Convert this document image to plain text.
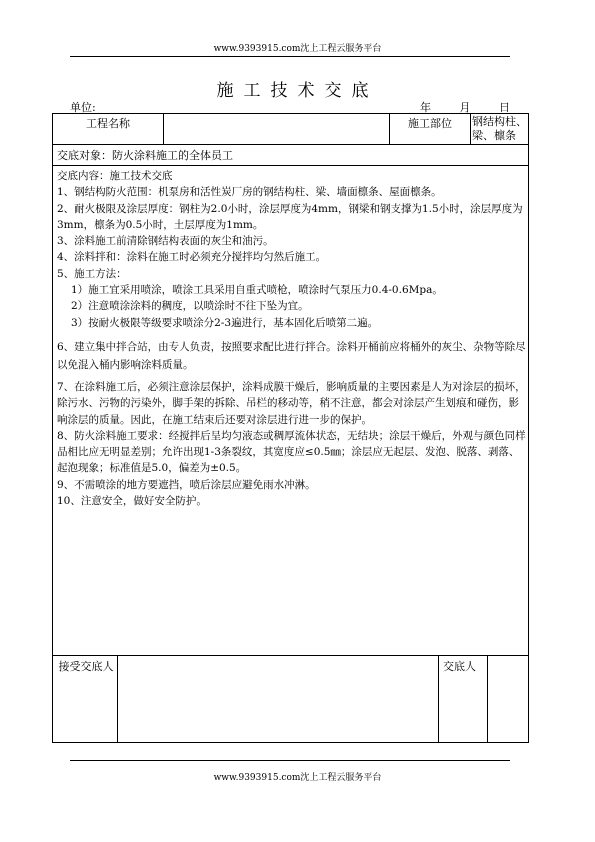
www.9393915.com沈上工程云服务平台
施工技术交底
单位:	年	月	日
工程名称	施工部位	钢结构柱、梁、檩条
交底对象：防火涂料施工的全体员工

交底内容：施工技术交底

1、钢结构防火范围：机泵房和活性炭厂房的钢结构柱、梁、墙面檩条、屋面檩条。

2、耐火极限及涂层厚度：钢柱为2.0小时，涂层厚度为4mm，钢梁和钢支撑为1.5小时，涂层厚度为3mm，檩条为0.5小时，土层厚度为1mm。

3、涂料施工前清除钢结构表面的灰尘和油污。

4、涂料拌和：涂料在施工时必须充分搅拌均匀然后施工。

5、施工方法：

1）施工宜采用喷涂，喷涂工具采用自重式喷枪，喷涂时气泵压力0.4-0.6Mpa。

2）注意喷涂涂料的稠度，以喷涂时不往下坠为宜。

3）按耐火极限等级要求喷涂分2-3遍进行，基本固化后喷第二遍。

6、建立集中拌合站，由专人负责，按照要求配比进行拌合。涂料开桶前应将桶外的灰尘、杂物等除尽以免混入桶内影响涂料质量。

7、在涂料施工后，必须注意涂层保护，涂料成膜干燥后，影响质量的主要因素是人为对涂层的损坏，除污水、污物的污染外，脚手架的拆除、吊栏的移动等，稍不注意，都会对涂层产生划痕和碰伤，影响涂层的质量。因此，在施工结束后还要对涂层进行进一步的保护。

8、防火涂料施工要求：经搅拌后呈均匀液态或稠厚流体状态，无结块；涂层干燥后，外观与颜色同样品相比应无明显差别；允许出现1-3条裂纹，其宽度应≤0.5㎜；涂层应无起层、发泡、脱落、剥落、起泡现象；标准值是5.0，偏差为±0.5。

9、不需喷涂的地方要遮挡，喷后涂层应避免雨水冲淋。

10、注意安全，做好安全防护。

接受交底人	交底人
www.9393915.com沈上工程云服务平台
